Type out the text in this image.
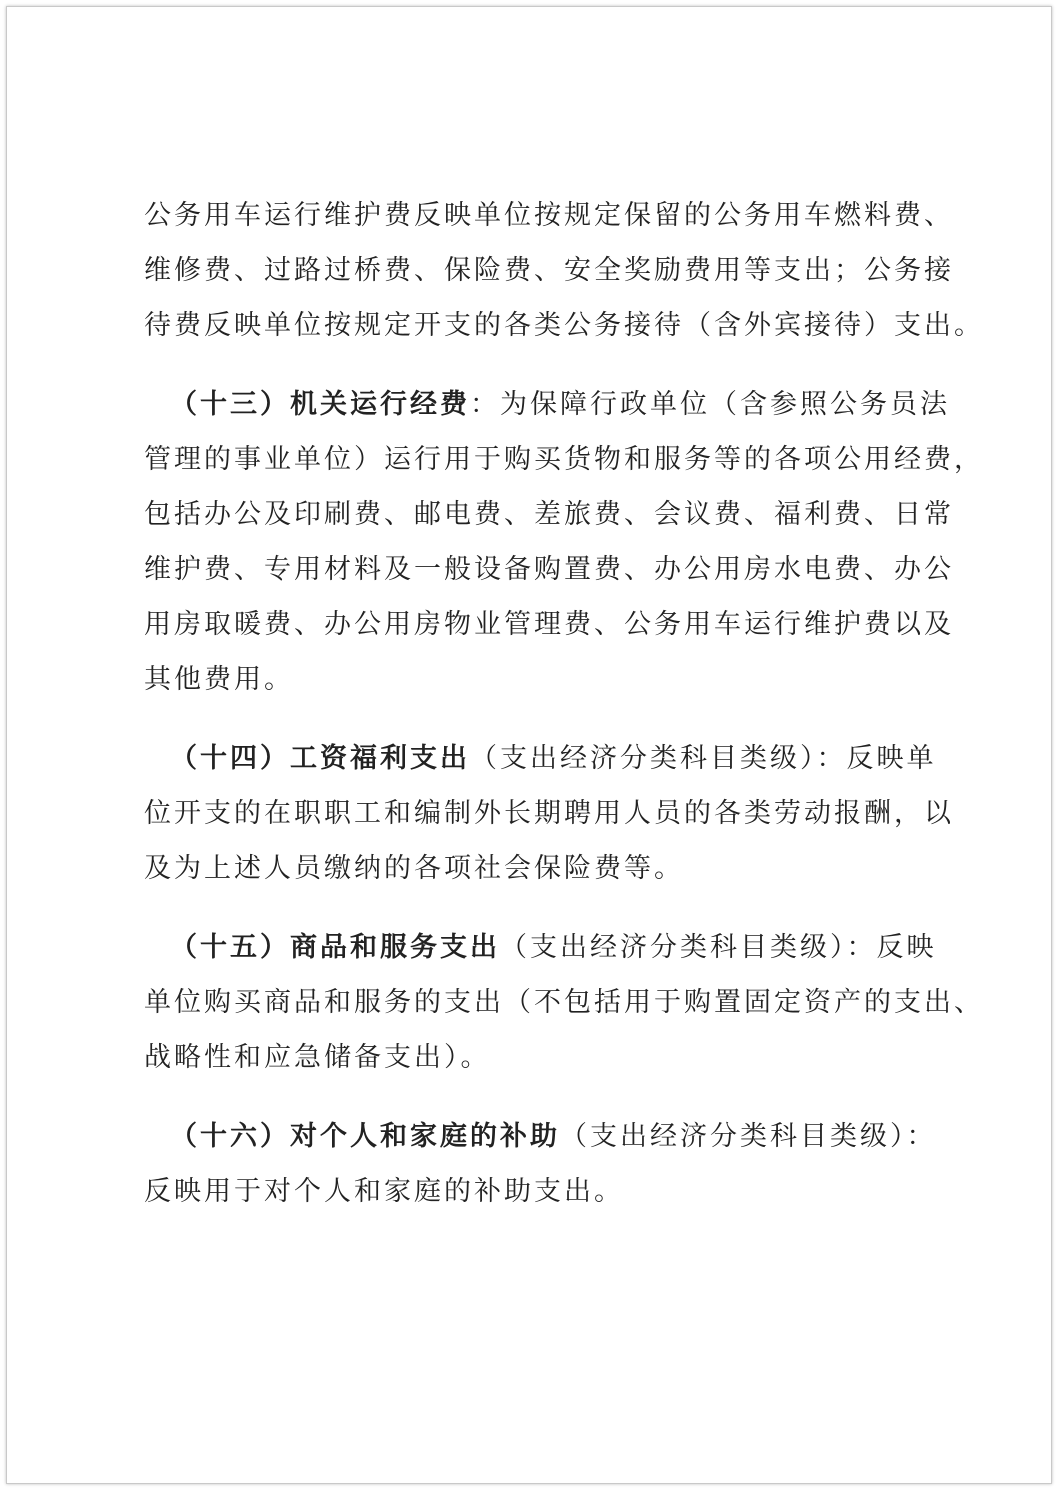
公务用车运行维护费反映单位按规定保留的公务用车燃料费、
维修费、过路过桥费、保险费、安全奖励费用等支出；公务接
待费反映单位按规定开支的各类公务接待（含外宾接待）支出。
（十三）机关运行经费：为保障行政单位（含参照公务员法
管理的事业单位）运行用于购买货物和服务等的各项公用经费，
包括办公及印刷费、邮电费、差旅费、会议费、福利费、日常
维护费、专用材料及一般设备购置费、办公用房水电费、办公
用房取暖费、办公用房物业管理费、公务用车运行维护费以及
其他费用。
（十四）工资福利支出（支出经济分类科目类级）：反映单
位开支的在职职工和编制外长期聘用人员的各类劳动报酬，以
及为上述人员缴纳的各项社会保险费等。
（十五）商品和服务支出（支出经济分类科目类级）：反映
单位购买商品和服务的支出（不包括用于购置固定资产的支出、
战略性和应急储备支出）。
（十六）对个人和家庭的补助（支出经济分类科目类级）：
反映用于对个人和家庭的补助支出。
